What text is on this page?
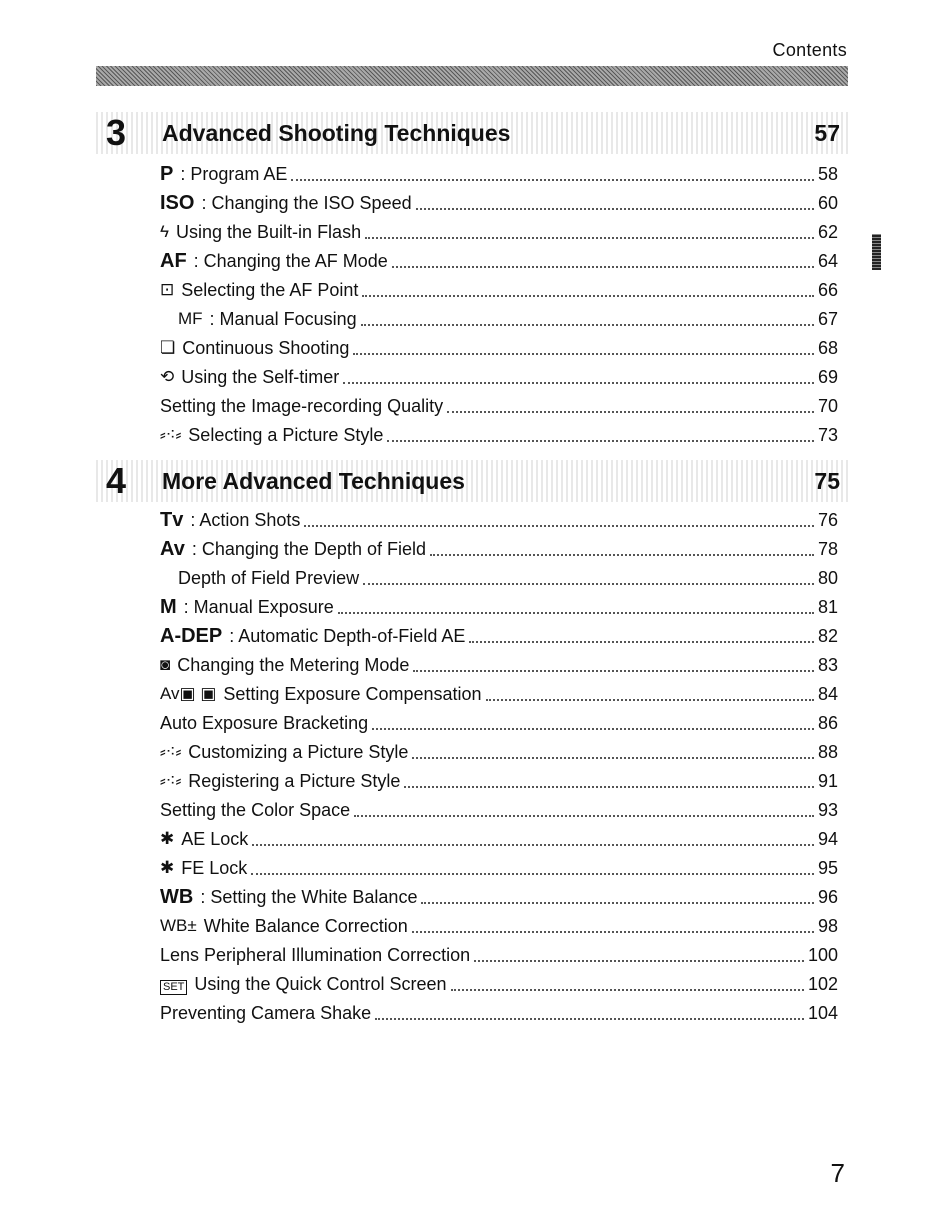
Contents
3 Advanced Shooting Techniques	57
P : Program AE	58
ISO : Changing the ISO Speed	60
ϟ Using the Built-in Flash	62
AF : Changing the AF Mode	64
⊡ Selecting the AF Point	66
MF : Manual Focusing	67
❏ Continuous Shooting	68
⟲ Using the Self-timer	69
Setting the Image-recording Quality	70
⸗⁖⸗ Selecting a Picture Style	73
4 More Advanced Techniques	75
Tv : Action Shots	76
Av : Changing the Depth of Field	78
Depth of Field Preview	80
M : Manual Exposure	81
A-DEP : Automatic Depth-of-Field AE	82
◙ Changing the Metering Mode	83
Av▣ ▣ Setting Exposure Compensation	84
Auto Exposure Bracketing	86
⸗⁖⸗ Customizing a Picture Style	88
⸗⁖⸗ Registering a Picture Style	91
Setting the Color Space	93
✱ AE Lock	94
✱ FE Lock	95
WB : Setting the White Balance	96
WB± White Balance Correction	98
Lens Peripheral Illumination Correction	100
SET Using the Quick Control Screen	102
Preventing Camera Shake	104
7
